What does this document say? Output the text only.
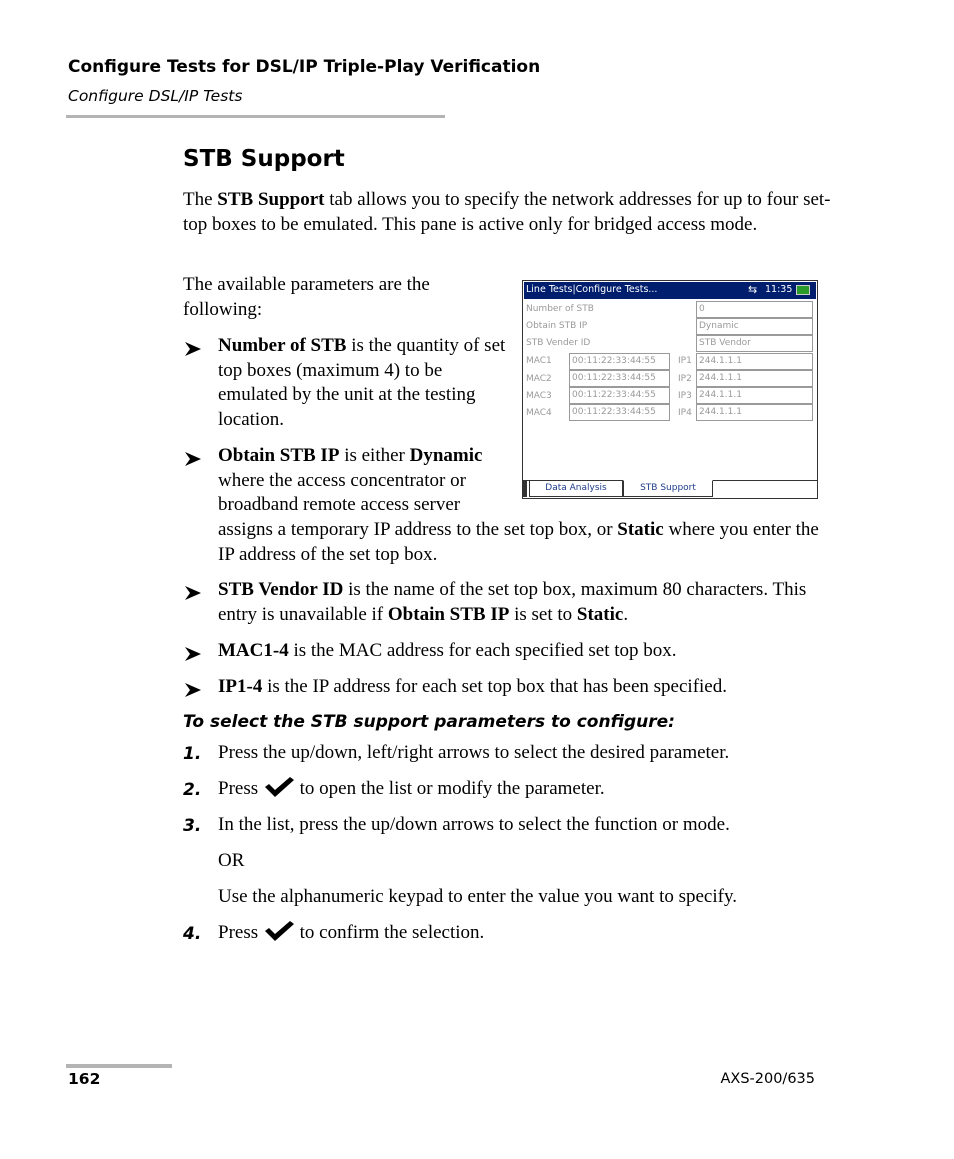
Configure Tests for DSL/IP Triple-Play Verification
Configure DSL/IP Tests
STB Support
The STB Support tab allows you to specify the network addresses for up to four set-top boxes to be emulated. This pane is active only for bridged access mode.
The available parameters are the following:
Number of STB is the quantity of set top boxes (maximum 4) to be emulated by the unit at the testing location.
Obtain STB IP is either Dynamic where the access concentrator or broadband remote access server
assigns a temporary IP address to the set top box, or Static where you enter the IP address of the set top box.
STB Vendor ID is the name of the set top box, maximum 80 characters. This entry is unavailable if Obtain STB IP is set to Static.
MAC1-4 is the MAC address for each specified set top box.
IP1-4 is the IP address for each set top box that has been specified.
To select the STB support parameters to configure:
1. Press the up/down, left/right arrows to select the desired parameter.
2. Press
to open the list or modify the parameter.
3. In the list, press the up/down arrows to select the function or mode.
OR
Use the alphanumeric keypad to enter the value you want to specify.
4. Press
to confirm the selection.
Line Tests|Configure Tests...	⇆ 11:35
Number of STB	0
Obtain STB IP	Dynamic
STB Vender ID	STB Vendor
MAC1	00:11:22:33:44:55	IP1 244.1.1.1
MAC2	00:11:22:33:44:55	IP2 244.1.1.1
MAC3	00:11:22:33:44:55	IP3 244.1.1.1
MAC4	00:11:22:33:44:55	IP4 244.1.1.1
Data Analysis	STB Support
162	AXS-200/635
